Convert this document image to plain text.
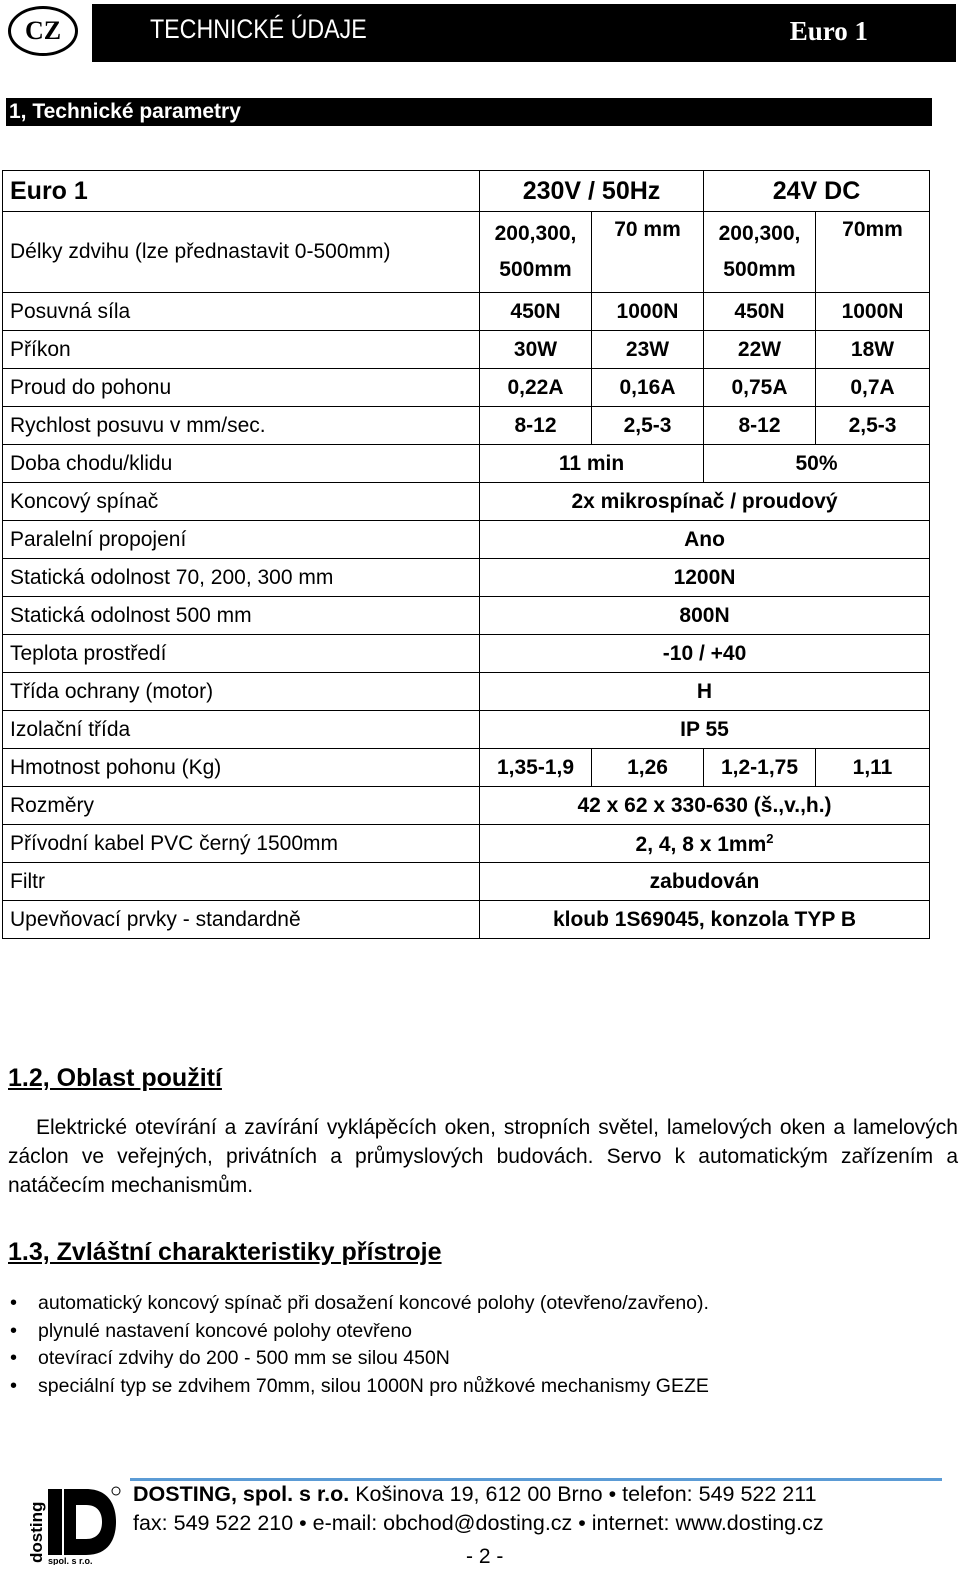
CZ	TECHNICKÉ ÚDAJE	Euro 1
1, Technické parametry
Euro 1	230V / 50Hz		24V DC	
Délky zdvihu (lze přednastavit 0-500mm)	200,300, 500mm	70 mm	200,300, 500mm	70mm
Posuvná síla	450N	1000N	450N	1000N
Příkon	30W	23W	22W	18W
Proud do pohonu	0,22A	0,16A	0,75A	0,7A
Rychlost posuvu v mm/sec.	8-12	2,5-3	8-12	2,5-3
Doba chodu/klidu	11 min		50%	
Koncový spínač	2x mikrospínač / proudový			
Paralelní propojení	Ano			
Statická odolnost 70, 200, 300 mm	1200N			
Statická odolnost 500 mm	800N			
Teplota prostředí	-10 / +40			
Třída ochrany (motor)	H			
Izolační třída	IP 55			
Hmotnost pohonu (Kg)	1,35-1,9	1,26	1,2-1,75	1,11
Rozměry	42 x 62 x 330-630 (š.,v.,h.)			
Přívodní kabel PVC černý 1500mm	2, 4, 8 x $1mm^2$
Filtr	zabudován			
Upevňovací prvky - standardně	kloub 1S69045, konzola TYP B			
1.2, Oblast použití
Elektrické otevírání a zavírání vyklápěcích oken, stropních světel, lamelových oken a lamelových záclon ve veřejných, privátních a průmyslových budovách. Servo k automatickým zařízením a natáčecím mechanismům.
1.3, Zvláštní charakteristiky přístroje
• automatický koncový spínač při dosažení koncové polohy (otevřeno/zavřeno).
• plynulé nastavení koncové polohy otevřeno
• otevírací zdvihy do 200 - 500 mm se silou 450N
• speciální typ se zdvihem 70mm, silou 1000N pro nůžkové mechanismy GEZE
dosting spol. s r.o.
DOSTING, spol. s r.o. Košinova 19, 612 00 Brno • telefon: 549 522 211
fax: 549 522 210 • e-mail: obchod@dosting.cz • internet: www.dosting.cz
- 2 -
